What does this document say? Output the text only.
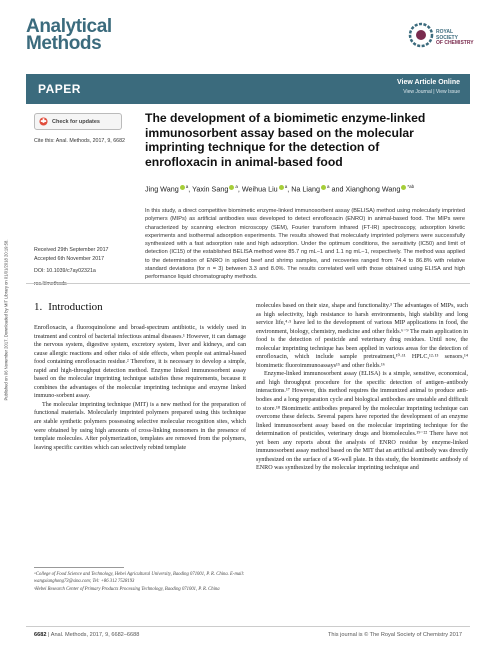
Analytical Methods
ROYAL SOCIETY
OF CHEMISTRY
PAPER	View Article Online
View Journal | View Issue
Check for updates
Cite this: Anal. Methods, 2017, 9, 6682
Received 29th September 2017
Accepted 6th November 2017
DOI: 10.1039/c7ay02321a
rsc.li/methods
Published on 06 November 2017. Downloaded by MIT Library on 01/01/2018 20:19:58.
The development of a biomimetic enzyme-linked immunosorbent assay based on the molecular imprinting technique for the detection of enrofloxacin in animal-based food
Jing Wang $^a$, Yaxin Sang $^a$, Weihua Liu $^a$, Na Liang $^a$ and Xianghong Wang $^{*ab}$
In this study, a direct competitive biomimetic enzyme-linked immunosorbent assay (BELISA) method using molecularly imprinted polymers (MIPs) as artificial antibodies was developed to detect enrofloxacin (ENRO) in animal-based food. The MIPs were characterized by scanning electron microscopy (SEM), Fourier transform infrared (FT-IR) spectroscopy, adsorption kinetic experiments and isothermal adsorption experiments. The results showed that molecularly imprinted polymers were successfully synthesized with a fast adsorption rate and high adsorption. Under the optimum conditions, the sensitivity (IC50) and limit of detection (IC15) of the established BELISA method were 85.7 ng mL−1 and 1.1 ng mL−1, respectively. The method was applied to the determination of ENRO in spiked beef and shrimp samples, and recoveries ranged from 74.4 to 86.8% with relative standard deviations (for n = 3) between 3.3 and 8.0%. The results correlated well with those obtained using ELISA and high performance liquid chromatography methods.
1. Introduction

Enrofloxacin, a fluoroquinolone and broad-spectrum antibiotic, is widely used in treatment and control of bacterial infectious animal diseases.¹ However, it can damage the nervous system, digestive system, excretory system, liver and kidneys, and can cause allergic reactions and other risks of side effects, when people eat animal-based food containing enrofloxacin residue.² Therefore, it is necessary to develop a simple, rapid and high-throughput detection method. Enzyme linked immunosorbent assay based on the molecular imprinting technique satisfies these requirements, because it combines the advantages of the molecular imprinting technique and enzyme linked immuno-sorbent assay.

The molecular imprinting technique (MIT) is a new method for the preparation of functional materials. Molecularly imprinted polymers prepared using this technique are stable synthetic polymers possessing selective molecular recognition sites, which were obtained by using high amounts of cross-linking monomers in the presence of template molecules. After polymerization, templates are removed from the polymers, leaving specific cavities which can selectively rebind template

molecules based on their size, shape and functionality.³ The advantages of MIPs, such as high selectivity, high resistance to harsh environments, high stability and long service life,⁴·⁵ have led to the development of various MIP applications in food, the environment, biology, chemistry, medicine and other fields.⁶⁻⁹ The main application in food is the detection of pesticide and veterinary drug residues. Until now, the molecular imprinting technique has been applied in various areas for the detection of enrofloxacin, which include sample pretreatment,¹⁰·¹¹ HPLC,¹²·¹³ sensors,¹⁴ biomimetic fluoroimmunoassays¹⁵ and other fields.¹⁶

Enzyme-linked immunosorbent assay (ELISA) is a simple, sensitive, economical, and high throughput procedure for the specific detection of antigen–antibody interactions.¹⁷ However, this method requires the immunized animal to produce anti-bodies and a long preparation cycle and biological antibodies are unstable and difficult to store.¹⁸ Biomimetic antibodies prepared by the molecular imprinting technique can overcome these defects. Several papers have reported the development of an enzyme linked immunosorbent assay based on the molecular imprinting technique for the determination of pesticides, veterinary drugs and biomolecules.¹⁹⁻²² There have not yet been any reports about the analysis of ENRO residue by enzyme-linked immunosorbent assay method based on the MIT that an artificial antibody was directly synthesized on the surface of a 96-well plate. In this study, the biomimetic antibody of ENRO was synthesized by the molecular imprinting technique and

ᵃCollege of Food Science and Technology, Hebei Agricultural University, Baoding 071001, P. R. China. E-mail: wangxianghong73@sina.com; Tel: +86 312 7528193
ᵇHebei Research Center of Primary Products Processing Technology, Baoding 071001, P. R. China
6682 | Anal. Methods, 2017, 9, 6682–6688	This journal is © The Royal Society of Chemistry 2017
